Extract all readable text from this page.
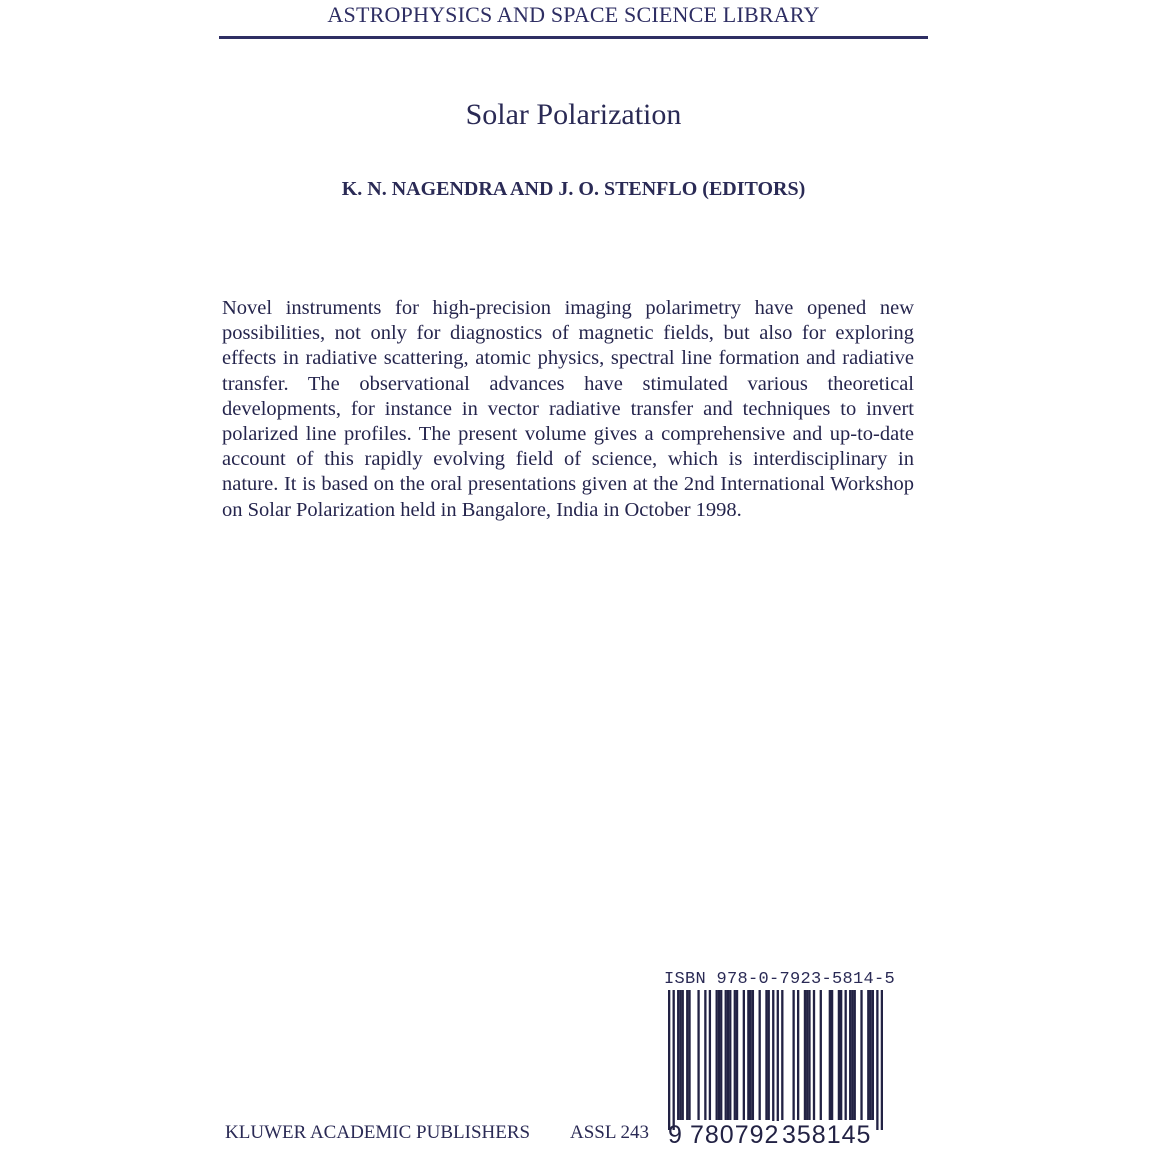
ASTROPHYSICS AND SPACE SCIENCE LIBRARY
Solar Polarization
K. N. NAGENDRA AND J. O. STENFLO (EDITORS)
Novel instruments for high-precision imaging polarimetry have opened new possibilities, not only for diagnostics of magnetic fields, but also for exploring effects in radiative scattering, atomic physics, spectral line formation and radiative transfer. The observational advances have stimulated various theoretical developments, for instance in vector radiative transfer and techniques to invert polarized line profiles. The present volume gives a comprehensive and up-to-date account of this rapidly evolving field of science, which is interdisciplinary in nature. It is based on the oral presentations given at the 2nd International Workshop on Solar Polarization held in Bangalore, India in October 1998.
ISBN 978-0-7923-5814-5
9 780792 358145
KLUWER ACADEMIC PUBLISHERS ASSL 243
